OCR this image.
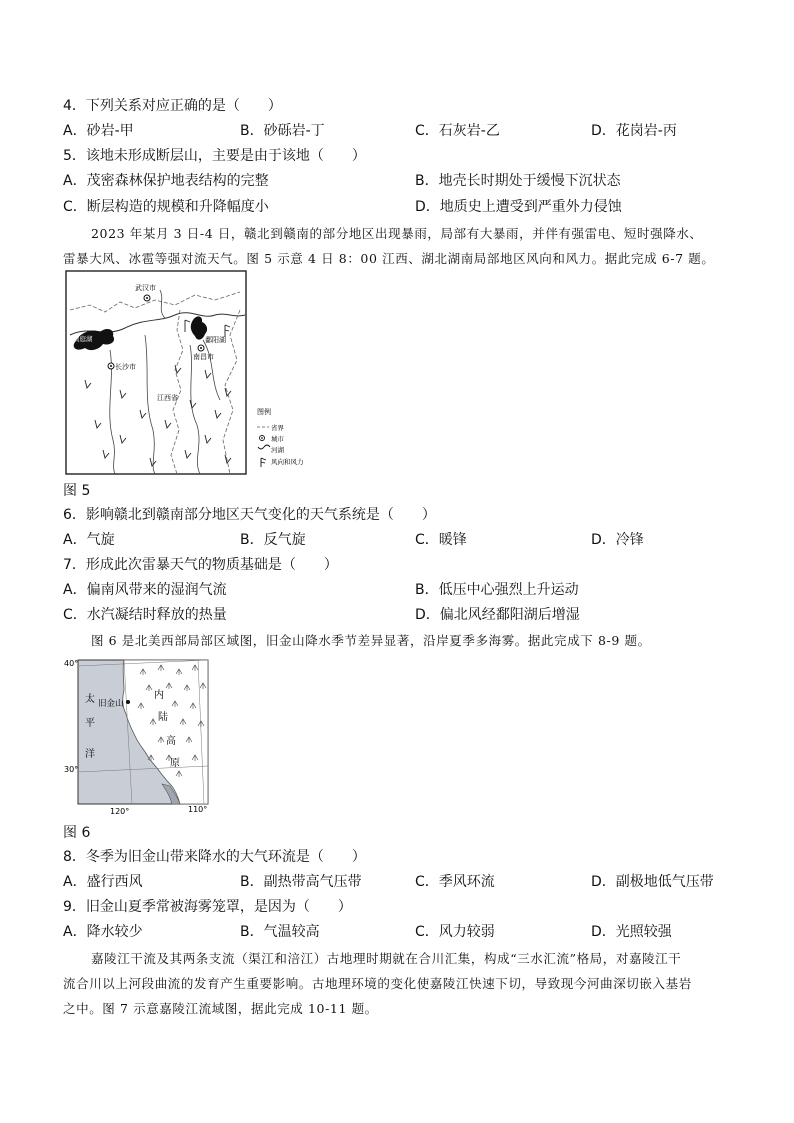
4．下列关系对应正确的是（　　）
A．砂岩-甲	B．砂砾岩-丁	C．石灰岩-乙	D．花岗岩-丙
5．该地未形成断层山，主要是由于该地（　　）
A．茂密森林保护地表结构的完整	B．地壳长时期处于缓慢下沉状态
C．断层构造的规模和升降幅度小	D．地质史上遭受到严重外力侵蚀
2023 年某月 3 日-4 日，赣北到赣南的部分地区出现暴雨，局部有大暴雨，并伴有强雷电、短时强降水、
雷暴大风、冰雹等强对流天气。图 5 示意 4 日 8：00 江西、湖北湖南局部地区风向和风力。据此完成 6-7 题。
武汉市
洞庭湖
长沙市
鄱阳湖
南昌市
江西省
图例
省界
城市
河湖
风向和风力
图 5
6．影响赣北到赣南部分地区天气变化的天气系统是（　　）
A．气旋	B．反气旋	C．暖锋	D．冷锋
7．形成此次雷暴天气的物质基础是（　　）
A．偏南风带来的湿润气流	B．低压中心强烈上升运动
C．水汽凝结时释放的热量	D．偏北风经鄱阳湖后增湿
图 6 是北美西部局部区域图，旧金山降水季节差异显著，沿岸夏季多海雾。据此完成下 8-9 题。
40°
30°
120°	110°
太
平
洋
旧金山
内
陆
高
原
图 6
8．冬季为旧金山带来降水的大气环流是（　　）
A．盛行西风	B．副热带高气压带	C．季风环流	D．副极地低气压带
9．旧金山夏季常被海雾笼罩，是因为（　　）
A．降水较少	B．气温较高	C．风力较弱	D．光照较强
嘉陵江干流及其两条支流（渠江和涪江）古地理时期就在合川汇集，构成“三水汇流”格局，对嘉陵江干
流合川以上河段曲流的发育产生重要影响。古地理环境的变化使嘉陵江快速下切，导致现今河曲深切嵌入基岩
之中。图 7 示意嘉陵江流域图，据此完成 10-11 题。
